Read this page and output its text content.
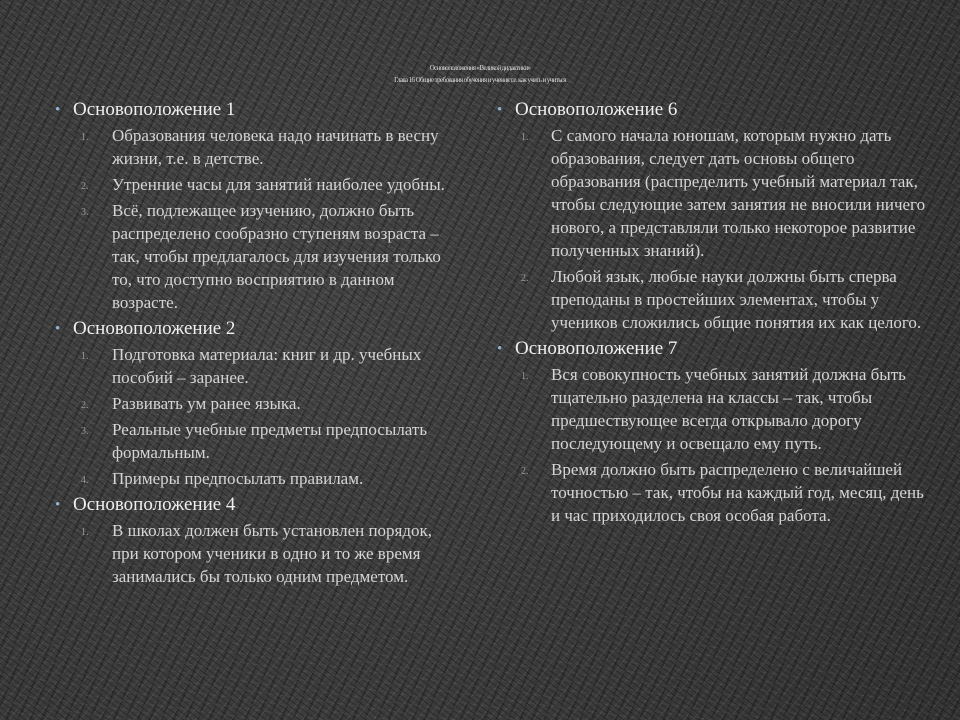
Основоположения «Великой дидактики»
Глава 16 Общие требования обучения и учения т.е. как учить и учиться
• Основоположение 1
1. Образования человека надо начинать в весну жизни, т.е. в детстве.
2. Утренние часы для занятий наиболее удобны.
3. Всё, подлежащее изучению, должно быть распределено сообразно ступеням возраста – так, чтобы предлагалось для изучения только то, что доступно восприятию в данном возрасте.
• Основоположение 2
1. Подготовка материала: книг и др. учебных пособий – заранее.
2. Развивать ум ранее языка.
3. Реальные учебные предметы предпосылать формальным.
4. Примеры предпосылать правилам.
• Основоположение 4
1. В школах должен быть установлен порядок, при котором ученики в одно и то же время занимались бы только одним предметом.
• Основоположение 6
1. С самого начала юношам, которым нужно дать образования, следует дать основы общего образования (распределить учебный материал так, чтобы следующие затем занятия не вносили ничего нового, а представляли только некоторое развитие полученных знаний).
2. Любой язык, любые науки должны быть сперва преподаны в простейших элементах, чтобы у учеников сложились общие понятия их как целого.
• Основоположение 7
1. Вся совокупность учебных занятий должна быть тщательно разделена на классы – так, чтобы предшествующее всегда открывало дорогу последующему и освещало ему путь.
2. Время должно быть распределено с величайшей точностью – так, чтобы на каждый год, месяц, день и час приходилось своя особая работа.
